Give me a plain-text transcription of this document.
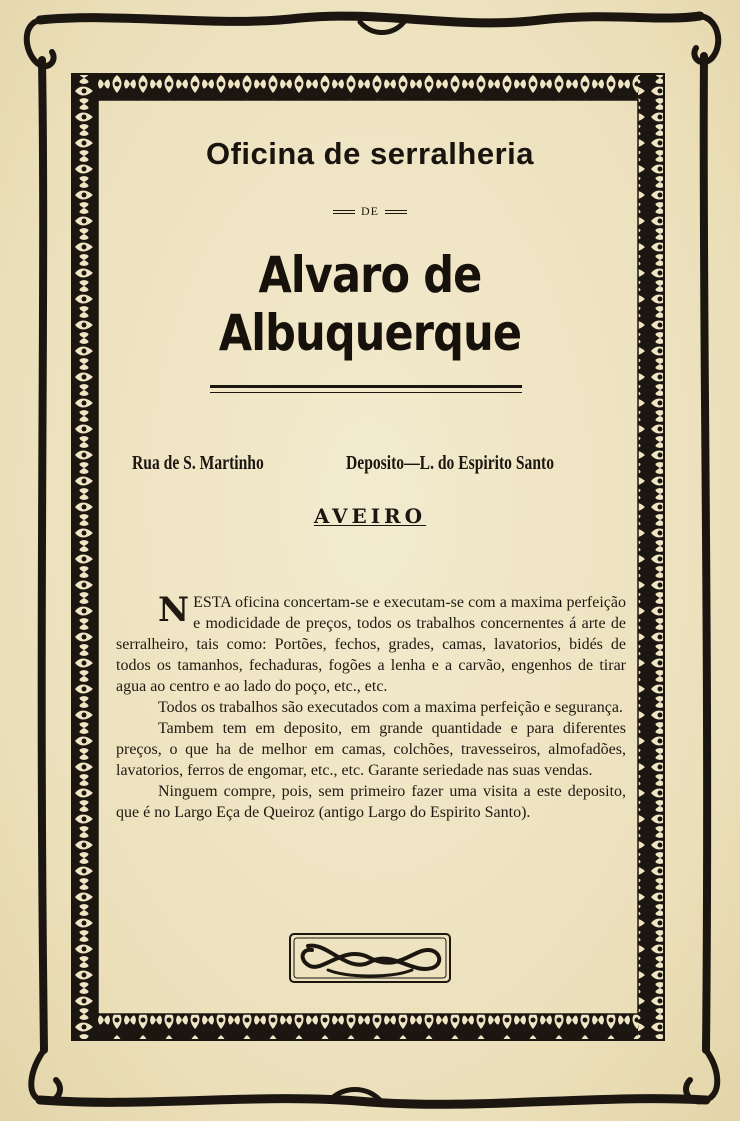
Oficina de serralheria
DE
Alvaro de Albuquerque
Rua de S. Martinho	Deposito—L. do Espirito Santo
AVEIRO

NESTA oficina concertam-se e executam-se com a maxima perfeição e modicidade de preços, todos os trabalhos concernentes á arte de serralheiro, tais como: Portões, fechos, grades, camas, lavatorios, bidés de todos os tamanhos, fechaduras, fogões a lenha e a carvão, engenhos de tirar agua ao centro e ao lado do poço, etc., etc.

Todos os trabalhos são executados com a maxima perfeição e segurança.

Tambem tem em deposito, em grande quantidade e para diferentes preços, o que ha de melhor em camas, colchões, travesseiros, almofadões, lavatorios, ferros de engomar, etc., etc. Garante seriedade nas suas vendas.

Ninguem compre, pois, sem primeiro fazer uma visita a este deposito, que é no Largo Eça de Queiroz (antigo Largo do Espirito Santo).
